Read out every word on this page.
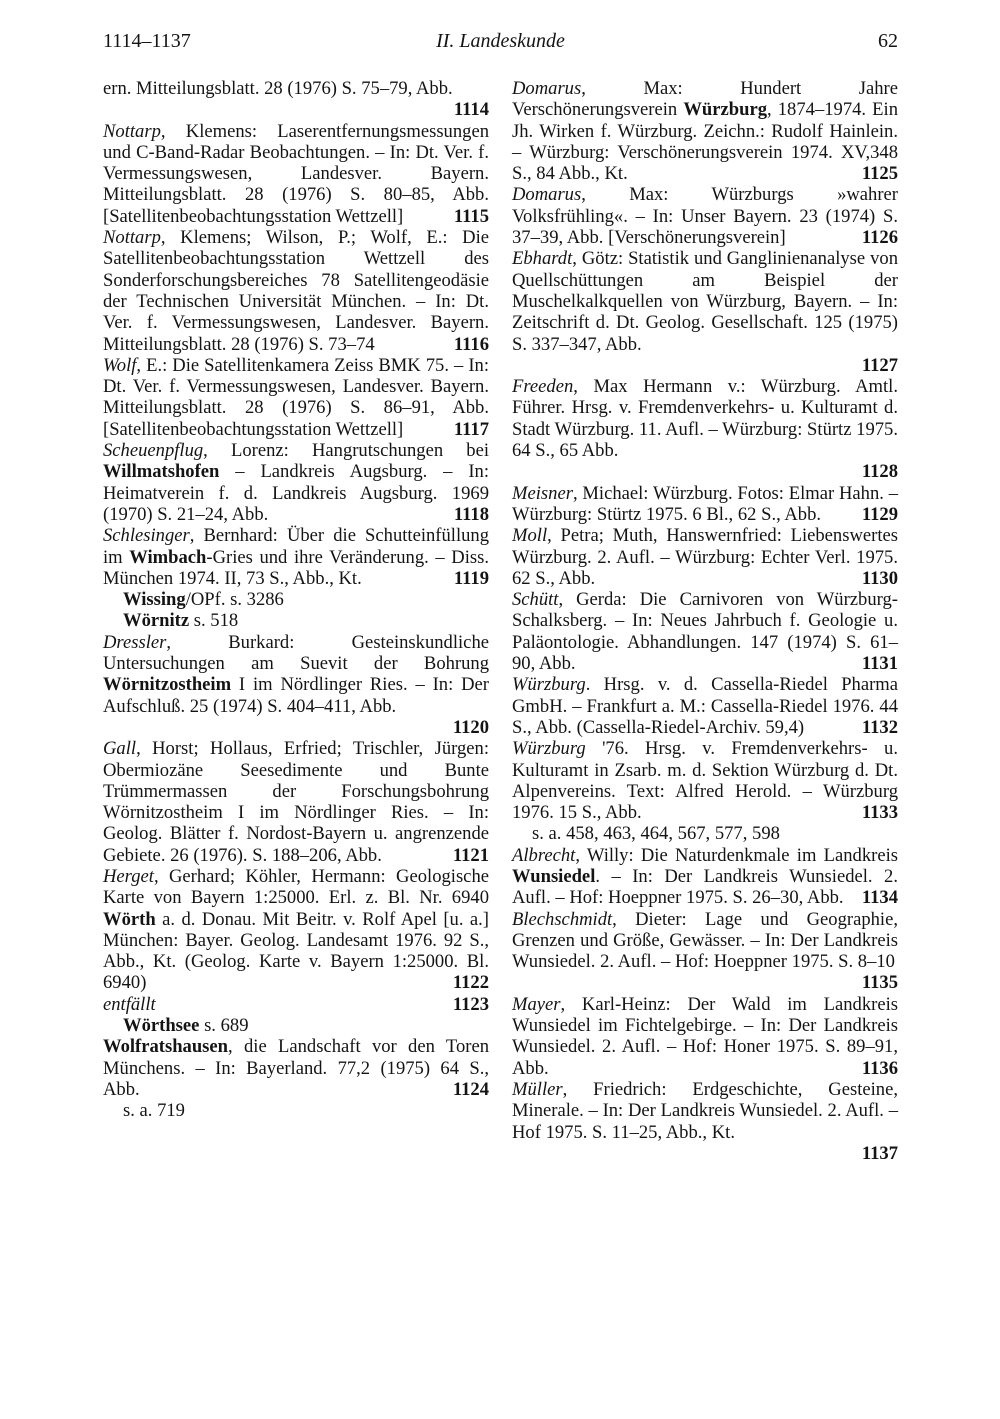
1114–1137	II. Landeskunde	62
ern. Mitteilungsblatt. 28 (1976) S. 75–79, Abb.
1114
Nottarp, Klemens: Laserentfernungsmessungen und C-Band-Radar Beobachtungen. – In: Dt. Ver. f. Vermessungswesen, Landesver. Bayern. Mitteilungsblatt. 28 (1976) S. 80–85, Abb. [Satellitenbeobachtungsstation Wettzell]	1115
Nottarp, Klemens; Wilson, P.; Wolf, E.: Die Satellitenbeobachtungsstation Wettzell des Sonderforschungsbereiches 78 Satellitengeodäsie der Technischen Universität München. – In: Dt. Ver. f. Vermessungswesen, Landesver. Bayern. Mitteilungsblatt. 28 (1976) S. 73–74	1116
Wolf, E.: Die Satellitenkamera Zeiss BMK 75. – In: Dt. Ver. f. Vermessungswesen, Landesver. Bayern. Mitteilungsblatt. 28 (1976) S. 86–91, Abb. [Satellitenbeobachtungsstation Wettzell]	1117
Scheuenpflug, Lorenz: Hangrutschungen bei Willmatshofen – Landkreis Augsburg. – In: Heimatverein f. d. Landkreis Augsburg. 1969 (1970) S. 21–24, Abb.	1118
Schlesinger, Bernhard: Über die Schutteinfüllung im Wimbach-Gries und ihre Veränderung. – Diss. München 1974. II, 73 S., Abb., Kt.	1119
Wissing/OPf. s. 3286
Wörnitz s. 518
Dressler, Burkard: Gesteinskundliche Untersuchungen am Suevit der Bohrung Wörnitzostheim I im Nördlinger Ries. – In: Der Aufschluß. 25 (1974) S. 404–411, Abb.
1120
Gall, Horst; Hollaus, Erfried; Trischler, Jürgen: Obermiozäne Seesedimente und Bunte Trümmermassen der Forschungsbohrung Wörnitzostheim I im Nördlinger Ries. – In: Geolog. Blätter f. Nordost-Bayern u. angrenzende Gebiete. 26 (1976). S. 188–206, Abb.	1121
Herget, Gerhard; Köhler, Hermann: Geologische Karte von Bayern 1:25000. Erl. z. Bl. Nr. 6940 Wörth a. d. Donau. Mit Beitr. v. Rolf Apel [u. a.] München: Bayer. Geolog. Landesamt 1976. 92 S., Abb., Kt. (Geolog. Karte v. Bayern 1:25000. Bl. 6940)	1122
entfällt	1123
Wörthsee s. 689
Wolfratshausen, die Landschaft vor den Toren Münchens. – In: Bayerland. 77,2 (1975) 64 S., Abb.	1124
s. a. 719
Domarus, Max: Hundert Jahre Verschönerungsverein Würzburg, 1874–1974. Ein Jh. Wirken f. Würzburg. Zeichn.: Rudolf Hainlein. – Würzburg: Verschönerungsverein 1974. XV,348 S., 84 Abb., Kt.	1125
Domarus, Max: Würzburgs »wahrer Volksfrühling«. – In: Unser Bayern. 23 (1974) S. 37–39, Abb. [Verschönerungsverein]	1126
Ebhardt, Götz: Statistik und Ganglinienanalyse von Quellschüttungen am Beispiel der Muschelkalkquellen von Würzburg, Bayern. – In: Zeitschrift d. Dt. Geolog. Gesellschaft. 125 (1975) S. 337–347, Abb.
1127
Freeden, Max Hermann v.: Würzburg. Amtl. Führer. Hrsg. v. Fremdenverkehrs- u. Kulturamt d. Stadt Würzburg. 11. Aufl. – Würzburg: Stürtz 1975. 64 S., 65 Abb.
1128
Meisner, Michael: Würzburg. Fotos: Elmar Hahn. – Würzburg: Stürtz 1975. 6 Bl., 62 S., Abb. 1129
Moll, Petra; Muth, Hanswernfried: Liebenswertes Würzburg. 2. Aufl. – Würzburg: Echter Verl. 1975. 62 S., Abb.	1130
Schütt, Gerda: Die Carnivoren von Würzburg-Schalksberg. – In: Neues Jahrbuch f. Geologie u. Paläontologie. Abhandlungen. 147 (1974) S. 61–90, Abb.	1131
Würzburg. Hrsg. v. d. Cassella-Riedel Pharma GmbH. – Frankfurt a. M.: Cassella-Riedel 1976. 44 S., Abb. (Cassella-Riedel-Archiv. 59,4)	1132
Würzburg '76. Hrsg. v. Fremdenverkehrs- u. Kulturamt in Zsarb. m. d. Sektion Würzburg d. Dt. Alpenvereins. Text: Alfred Herold. – Würzburg 1976. 15 S., Abb.	1133
s. a. 458, 463, 464, 567, 577, 598
Albrecht, Willy: Die Naturdenkmale im Landkreis Wunsiedel. – In: Der Landkreis Wunsiedel. 2. Aufl. – Hof: Hoeppner 1975. S. 26–30, Abb. 1134
Blechschmidt, Dieter: Lage und Geographie, Grenzen und Größe, Gewässer. – In: Der Landkreis Wunsiedel. 2. Aufl. – Hof: Hoeppner 1975. S. 8–10
1135
Mayer, Karl-Heinz: Der Wald im Landkreis Wunsiedel im Fichtelgebirge. – In: Der Landkreis Wunsiedel. 2. Aufl. – Hof: Honer 1975. S. 89–91, Abb.	1136
Müller, Friedrich: Erdgeschichte, Gesteine, Minerale. – In: Der Landkreis Wunsiedel. 2. Aufl. – Hof 1975. S. 11–25, Abb., Kt.
1137
